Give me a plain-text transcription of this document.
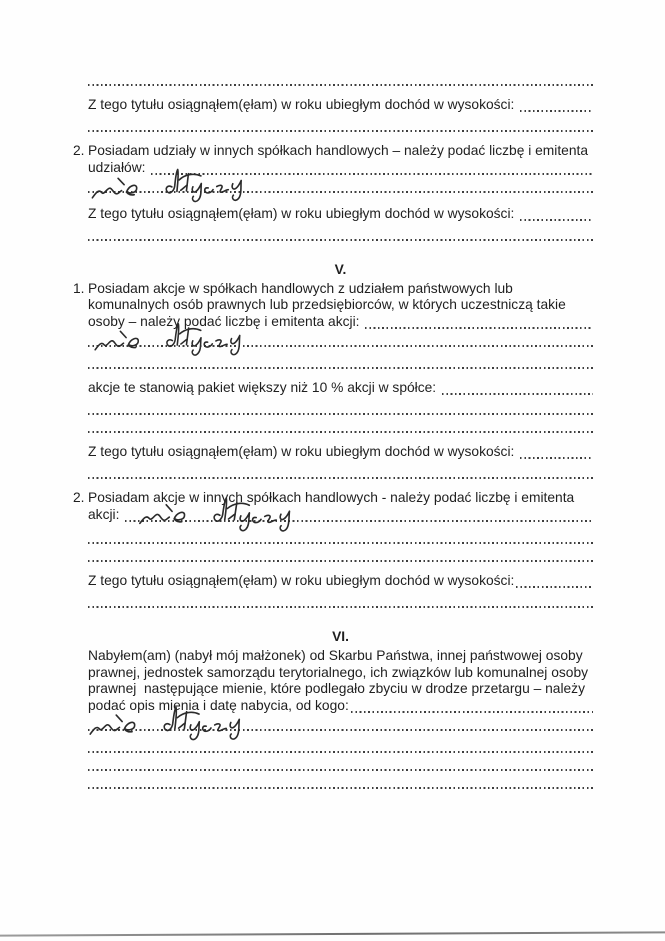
Z tego tytułu osiągnąłem(ęłam) w roku ubiegłym dochód w wysokości:
2. Posiadam udziały w innych spółkach handlowych – należy podać liczbę i emitenta
udziałów:
Z tego tytułu osiągnąłem(ęłam) w roku ubiegłym dochód w wysokości:
V.
1. Posiadam akcje w spółkach handlowych z udziałem państwowych lub
komunalnych osób prawnych lub przedsiębiorców, w których uczestniczą takie
osoby – należy podać liczbę i emitenta akcji:
akcje te stanowią pakiet większy niż 10 % akcji w spółce:
Z tego tytułu osiągnąłem(ęłam) w roku ubiegłym dochód w wysokości:
2. Posiadam akcje w innych spółkach handlowych - należy podać liczbę i emitenta
akcji:
Z tego tytułu osiągnąłem(ęłam) w roku ubiegłym dochód w wysokości:
VI.
Nabyłem(am) (nabył mój małżonek) od Skarbu Państwa, innej państwowej osoby
prawnej, jednostek samorządu terytorialnego, ich związków lub komunalnej osoby
prawnej  następujące mienie, które podlegało zbyciu w drodze przetargu – należy
podać opis mienia i datę nabycia, od kogo:
